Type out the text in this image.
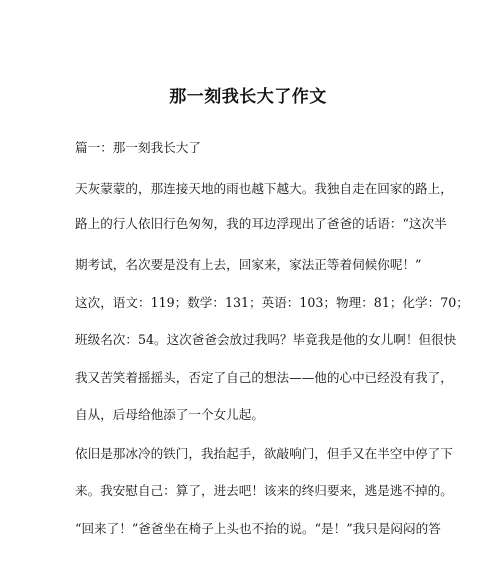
那一刻我长大了作文

篇一：那一刻我长大了

天灰蒙蒙的，那连接天地的雨也越下越大。我独自走在回家的路上，

路上的行人依旧行色匆匆，我的耳边浮现出了爸爸的话语：“这次半

期考试，名次要是没有上去，回家来，家法正等着伺候你呢！”

这次，语文：119；数学：131；英语：103；物理：81；化学：70；

班级名次：54。这次爸爸会放过我吗？毕竟我是他的女儿啊！但很快

我又苦笑着摇摇头，否定了自己的想法——他的心中已经没有我了，

自从，后母给他添了一个女儿起。

依旧是那冰冷的铁门，我抬起手，欲敲响门，但手又在半空中停了下

来。我安慰自己：算了，进去吧！该来的终归要来，逃是逃不掉的。

“回来了！”爸爸坐在椅子上头也不抬的说。“是！”我只是闷闷的答
